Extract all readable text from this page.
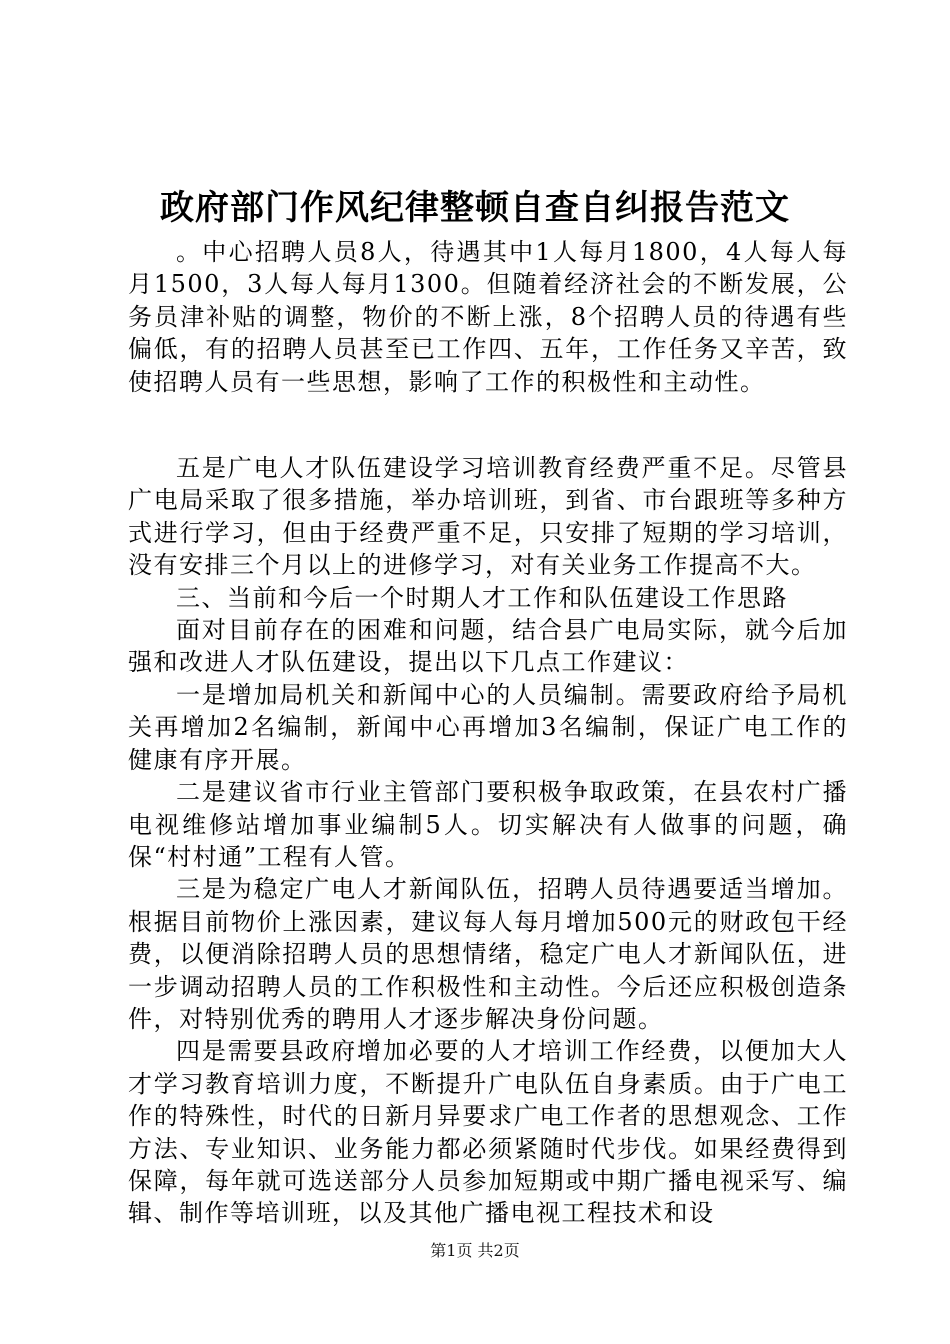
政府部门作风纪律整顿自查自纠报告范文

。中心招聘人员8人，待遇其中1人每月1800，4人每人每月1500，3人每人每月1300。但随着经济社会的不断发展，公务员津补贴的调整，物价的不断上涨，8个招聘人员的待遇有些偏低，有的招聘人员甚至已工作四、五年，工作任务又辛苦，致使招聘人员有一些思想，影响了工作的积极性和主动性。

五是广电人才队伍建设学习培训教育经费严重不足。尽管县广电局采取了很多措施，举办培训班，到省、市台跟班等多种方式进行学习，但由于经费严重不足，只安排了短期的学习培训，没有安排三个月以上的进修学习，对有关业务工作提高不大。

三、当前和今后一个时期人才工作和队伍建设工作思路

面对目前存在的困难和问题，结合县广电局实际，就今后加强和改进人才队伍建设，提出以下几点工作建议：

一是增加局机关和新闻中心的人员编制。需要政府给予局机关再增加2名编制，新闻中心再增加3名编制，保证广电工作的健康有序开展。

二是建议省市行业主管部门要积极争取政策，在县农村广播电视维修站增加事业编制5人。切实解决有人做事的问题，确保“村村通”工程有人管。

三是为稳定广电人才新闻队伍，招聘人员待遇要适当增加。根据目前物价上涨因素，建议每人每月增加500元的财政包干经费，以便消除招聘人员的思想情绪，稳定广电人才新闻队伍，进一步调动招聘人员的工作积极性和主动性。今后还应积极创造条件，对特别优秀的聘用人才逐步解决身份问题。

四是需要县政府增加必要的人才培训工作经费，以便加大人才学习教育培训力度，不断提升广电队伍自身素质。由于广电工作的特殊性，时代的日新月异要求广电工作者的思想观念、工作方法、专业知识、业务能力都必须紧随时代步伐。如果经费得到保障，每年就可选送部分人员参加短期或中期广播电视采写、编辑、制作等培训班，以及其他广播电视工程技术和设

第1页 共2页
